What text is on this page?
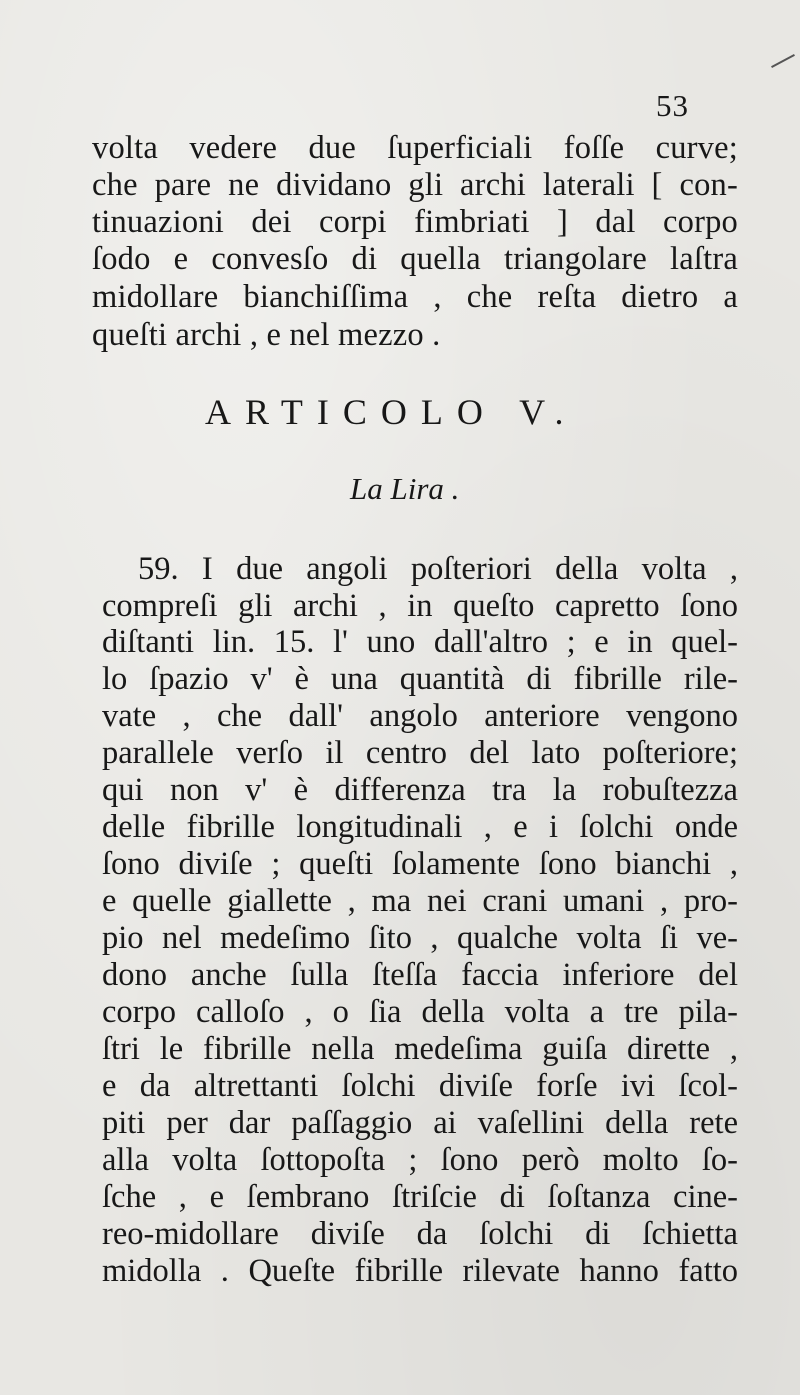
53
volta vedere due ſuperficiali foſſe curve;
che pare ne dividano gli archi laterali [ con-
tinuazioni dei corpi fimbriati ] dal corpo
ſodo e convesſo di quella triangolare laſtra
midollare bianchiſſima , che reſta dietro a
queſti archi , e nel mezzo .
ARTICOLO V.
La Lira .
59. I due angoli poſteriori della volta ,
compreſi gli archi , in queſto capretto ſono
diſtanti lin. 15. l' uno dall'altro ; e in quel-
lo ſpazio v' è una quantità di fibrille rile-
vate , che dall' angolo anteriore vengono
parallele verſo il centro del lato poſteriore;
qui non v' è differenza tra la robuſtezza
delle fibrille longitudinali , e i ſolchi onde
ſono diviſe ; queſti ſolamente ſono bianchi ,
e quelle giallette , ma nei crani umani , pro-
pio nel medeſimo ſito , qualche volta ſi ve-
dono anche ſulla ſteſſa faccia inferiore del
corpo calloſo , o ſia della volta a tre pila-
ſtri le fibrille nella medeſima guiſa dirette ,
e da altrettanti ſolchi diviſe forſe ivi ſcol-
piti per dar paſſaggio ai vaſellini della rete
alla volta ſottopoſta ; ſono però molto ſo-
ſche , e ſembrano ſtriſcie di ſoſtanza cine-
reo-midollare diviſe da ſolchi di ſchietta
midolla . Queſte fibrille rilevate hanno fatto
